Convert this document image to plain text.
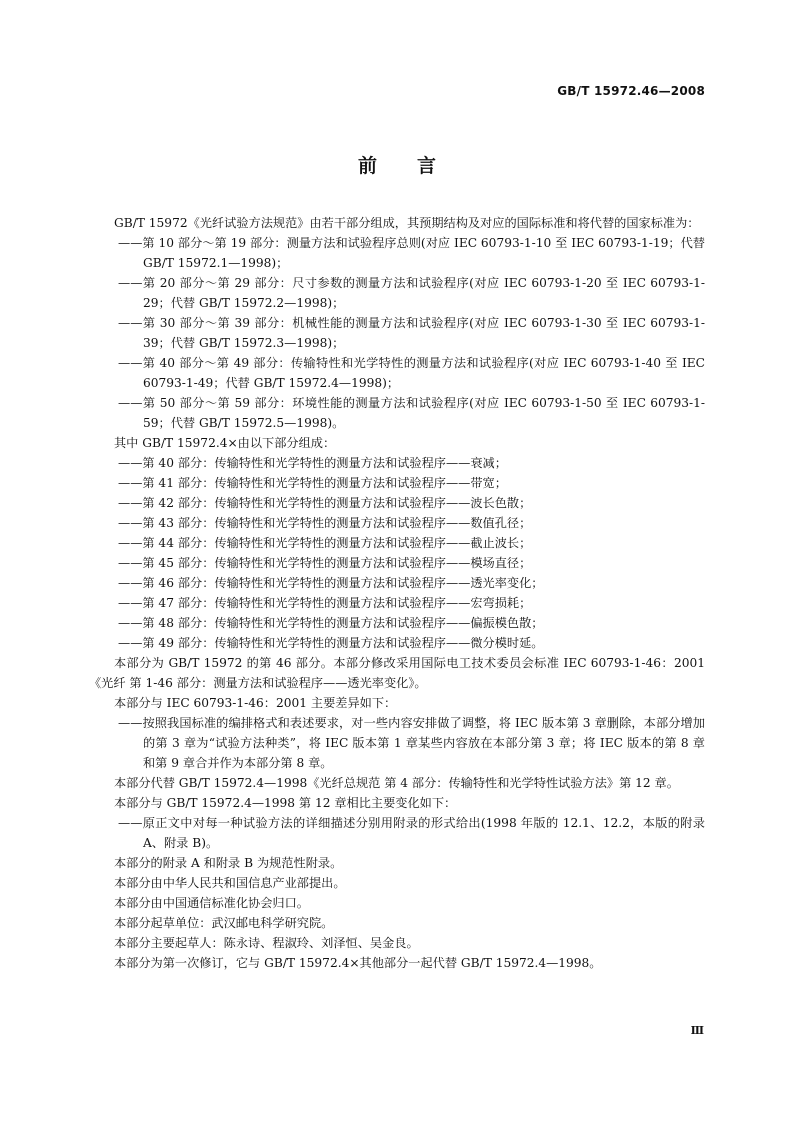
GB/T 15972.46—2008
前言

GB/T 15972《光纤试验方法规范》由若干部分组成，其预期结构及对应的国际标准和将代替的国家标准为：

——第 10 部分～第 19 部分：测量方法和试验程序总则(对应 IEC 60793-1-10 至 IEC 60793-1-19；代替 GB/T 15972.1—1998)；

——第 20 部分～第 29 部分：尺寸参数的测量方法和试验程序(对应 IEC 60793-1-20 至 IEC 60793-1-29；代替 GB/T 15972.2—1998)；

——第 30 部分～第 39 部分：机械性能的测量方法和试验程序(对应 IEC 60793-1-30 至 IEC 60793-1-39；代替 GB/T 15972.3—1998)；

——第 40 部分～第 49 部分：传输特性和光学特性的测量方法和试验程序(对应 IEC 60793-1-40 至 IEC 60793-1-49；代替 GB/T 15972.4—1998)；

——第 50 部分～第 59 部分：环境性能的测量方法和试验程序(对应 IEC 60793-1-50 至 IEC 60793-1-59；代替 GB/T 15972.5—1998)。

其中 GB/T 15972.4×由以下部分组成：

——第 40 部分：传输特性和光学特性的测量方法和试验程序——衰减；

——第 41 部分：传输特性和光学特性的测量方法和试验程序——带宽；

——第 42 部分：传输特性和光学特性的测量方法和试验程序——波长色散；

——第 43 部分：传输特性和光学特性的测量方法和试验程序——数值孔径；

——第 44 部分：传输特性和光学特性的测量方法和试验程序——截止波长；

——第 45 部分：传输特性和光学特性的测量方法和试验程序——模场直径；

——第 46 部分：传输特性和光学特性的测量方法和试验程序——透光率变化；

——第 47 部分：传输特性和光学特性的测量方法和试验程序——宏弯损耗；

——第 48 部分：传输特性和光学特性的测量方法和试验程序——偏振模色散；

——第 49 部分：传输特性和光学特性的测量方法和试验程序——微分模时延。

本部分为 GB/T 15972 的第 46 部分。本部分修改采用国际电工技术委员会标准 IEC 60793-1-46：2001《光纤 第 1-46 部分：测量方法和试验程序——透光率变化》。

本部分与 IEC 60793-1-46：2001 主要差异如下：

——按照我国标准的编排格式和表述要求，对一些内容安排做了调整，将 IEC 版本第 3 章删除，本部分增加的第 3 章为“试验方法种类”，将 IEC 版本第 1 章某些内容放在本部分第 3 章；将 IEC 版本的第 8 章和第 9 章合并作为本部分第 8 章。

本部分代替 GB/T 15972.4—1998《光纤总规范 第 4 部分：传输特性和光学特性试验方法》第 12 章。

本部分与 GB/T 15972.4—1998 第 12 章相比主要变化如下：

——原正文中对每一种试验方法的详细描述分别用附录的形式给出(1998 年版的 12.1、12.2，本版的附录 A、附录 B)。

本部分的附录 A 和附录 B 为规范性附录。

本部分由中华人民共和国信息产业部提出。

本部分由中国通信标准化协会归口。

本部分起草单位：武汉邮电科学研究院。

本部分主要起草人：陈永诗、程淑玲、刘泽恒、吴金良。

本部分为第一次修订，它与 GB/T 15972.4×其他部分一起代替 GB/T 15972.4—1998。

Ⅲ
